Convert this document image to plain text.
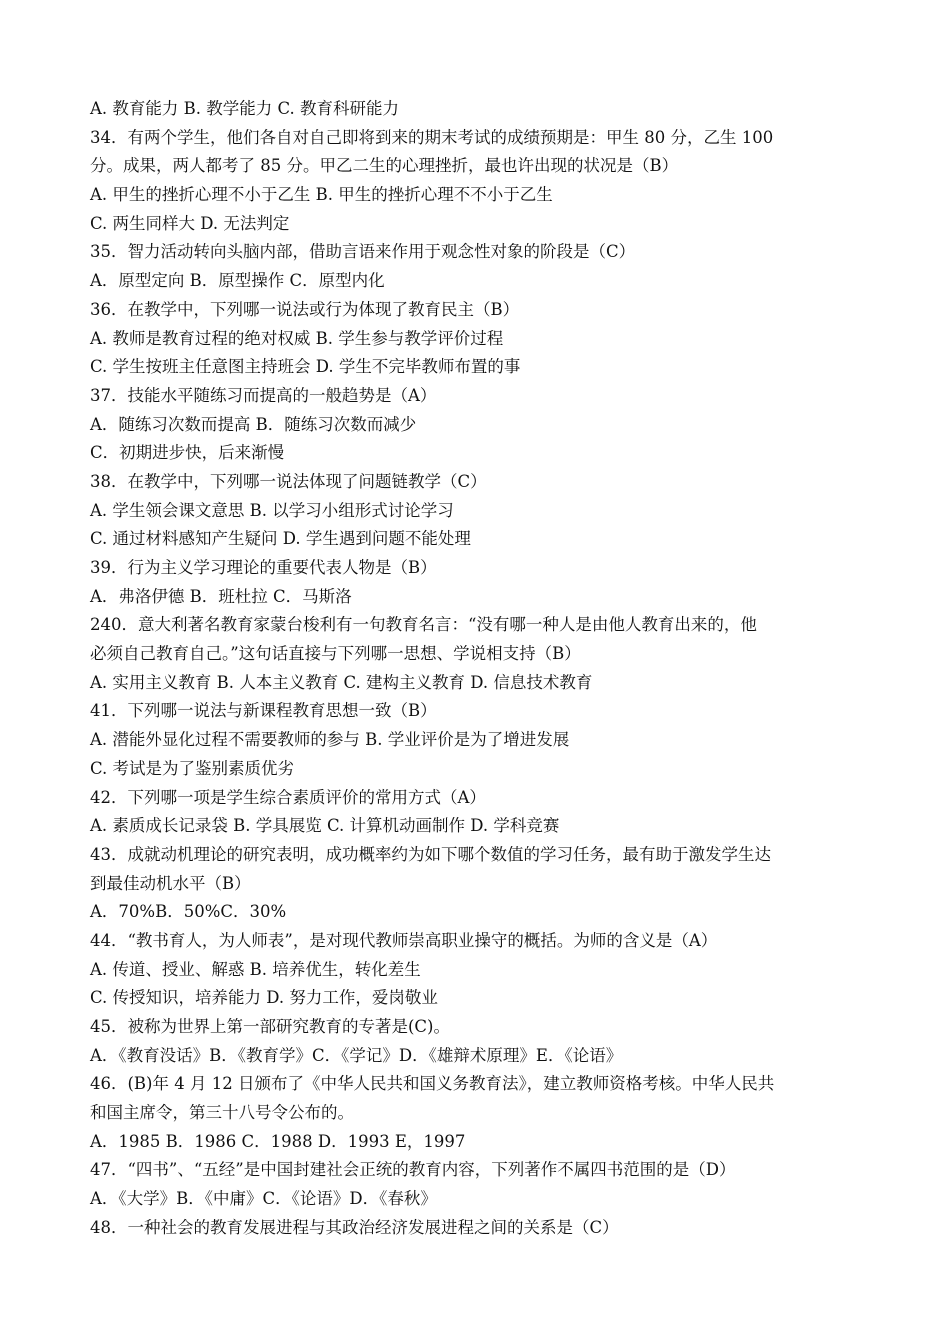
A. 教育能力 B. 教学能力 C. 教育科研能力
34．有两个学生，他们各自对自己即将到来的期末考试的成绩预期是：甲生 80 分，乙生 100
分。成果，两人都考了 85 分。甲乙二生的心理挫折，最也许出现的状况是（B）
A. 甲生的挫折心理不小于乙生 B. 甲生的挫折心理不不小于乙生
C. 两生同样大 D. 无法判定
35．智力活动转向头脑内部，借助言语来作用于观念性对象的阶段是（C）
A．原型定向 B．原型操作 C．原型内化
36．在教学中，下列哪一说法或行为体现了教育民主（B）
A. 教师是教育过程的绝对权威 B. 学生参与教学评价过程
C. 学生按班主任意图主持班会 D. 学生不完毕教师布置的事
37．技能水平随练习而提高的一般趋势是（A）
A．随练习次数而提高 B．随练习次数而减少
C．初期进步快，后来渐慢
38．在教学中，下列哪一说法体现了问题链教学（C）
A. 学生领会课文意思 B. 以学习小组形式讨论学习
C. 通过材料感知产生疑问 D. 学生遇到问题不能处理
39．行为主义学习理论的重要代表人物是（B）
A．弗洛伊德 B．班杜拉 C．马斯洛
240．意大利著名教育家蒙台梭利有一句教育名言：“没有哪一种人是由他人教育出来的，他
必须自己教育自己。”这句话直接与下列哪一思想、学说相支持（B）
A. 实用主义教育 B. 人本主义教育 C. 建构主义教育 D. 信息技术教育
41．下列哪一说法与新课程教育思想一致（B）
A. 潜能外显化过程不需要教师的参与 B. 学业评价是为了增进发展
C. 考试是为了鉴别素质优劣
42．下列哪一项是学生综合素质评价的常用方式（A）
A. 素质成长记录袋 B. 学具展览 C. 计算机动画制作 D. 学科竞赛
43．成就动机理论的研究表明，成功概率约为如下哪个数值的学习任务，最有助于激发学生达
到最佳动机水平（B）
A．70%B．50%C．30%
44．“教书育人，为人师表”，是对现代教师崇高职业操守的概括。为师的含义是（A）
A. 传道、授业、解惑 B. 培养优生，转化差生
C. 传授知识，培养能力 D. 努力工作，爱岗敬业
45．被称为世界上第一部研究教育的专著是(C)。
A．《教育没话》B．《教育学》C．《学记》D．《雄辩术原理》E．《论语》
46．(B)年 4 月 12 日颁布了《中华人民共和国义务教育法》，建立教师资格考核。中华人民共
和国主席令，第三十八号令公布的。
A．1985 B．1986 C．1988 D．1993 E，1997
47．“四书”、“五经”是中国封建社会正统的教育内容，下列著作不属四书范围的是（D）
A．《大学》B．《中庸》C．《论语》D．《春秋》
48．一种社会的教育发展进程与其政治经济发展进程之间的关系是（C）
